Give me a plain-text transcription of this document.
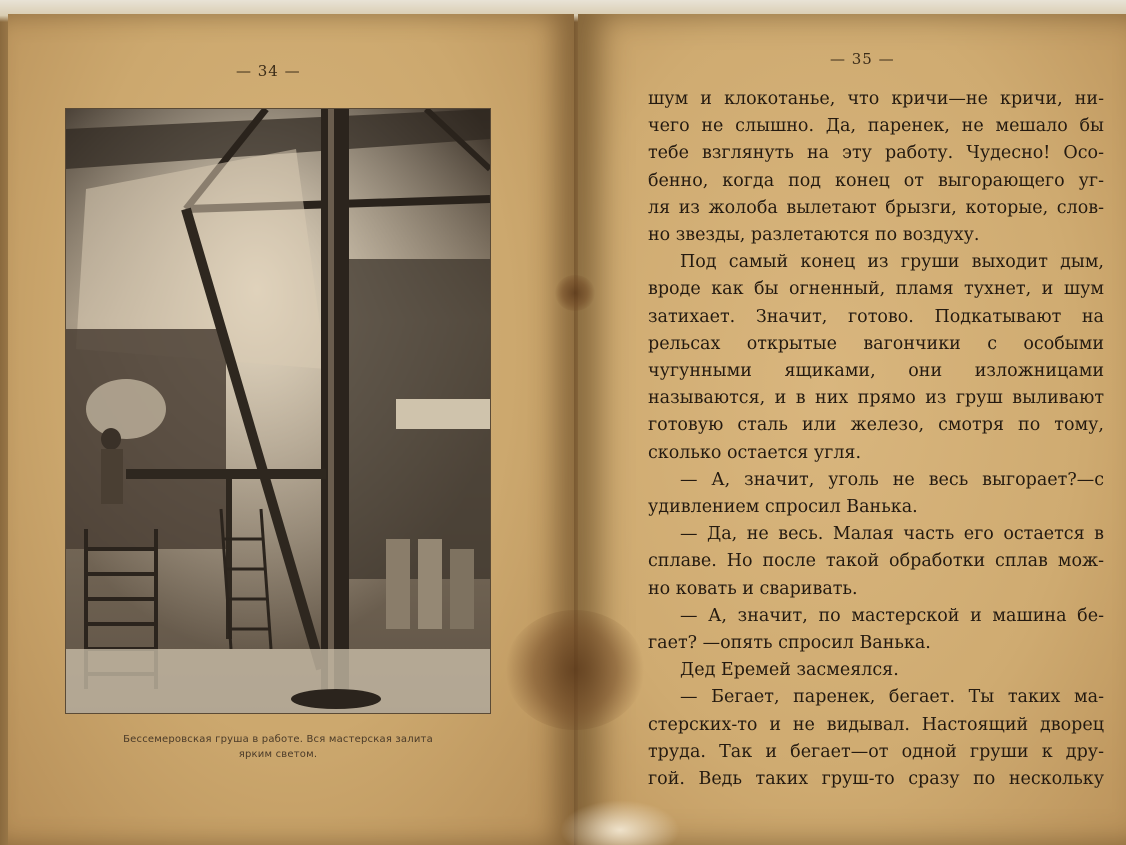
— 34 —
Бессемеровская груша в работе. Вся мастерская залита
ярким светом.
— 35 —
шум и клокотанье, что кричи—не кричи, ни-
чего не слышно. Да, паренек, не мешало бы
тебе взглянуть на эту работу. Чудесно! Осо-
бенно, когда под конец от выгорающего уг-
ля из жолоба вылетают брызги, которые, слов-
но звезды, разлетаются по воздуху.
Под самый конец из груши выходит дым,
вроде как бы огненный, пламя тухнет, и шум
затихает. Значит, готово. Подкатывают на
рельсах открытые вагончики с особыми
чугунными ящиками, они изложницами
называются, и в них прямо из груш выливают
готовую сталь или железо, смотря по тому,
сколько остается угля.
— А, значит, уголь не весь выгорает?—с
удивлением спросил Ванька.
— Да, не весь. Малая часть его остается в
сплаве. Но после такой обработки сплав мож-
но ковать и сваривать.
— А, значит, по мастерской и машина бе-
гает? —опять спросил Ванька.
Дед Еремей засмеялся.
— Бегает, паренек, бегает. Ты таких ма-
стерских-то и не видывал. Настоящий дворец
труда. Так и бегает—от одной груши к дру-
гой. Ведь таких груш-то сразу по нескольку
